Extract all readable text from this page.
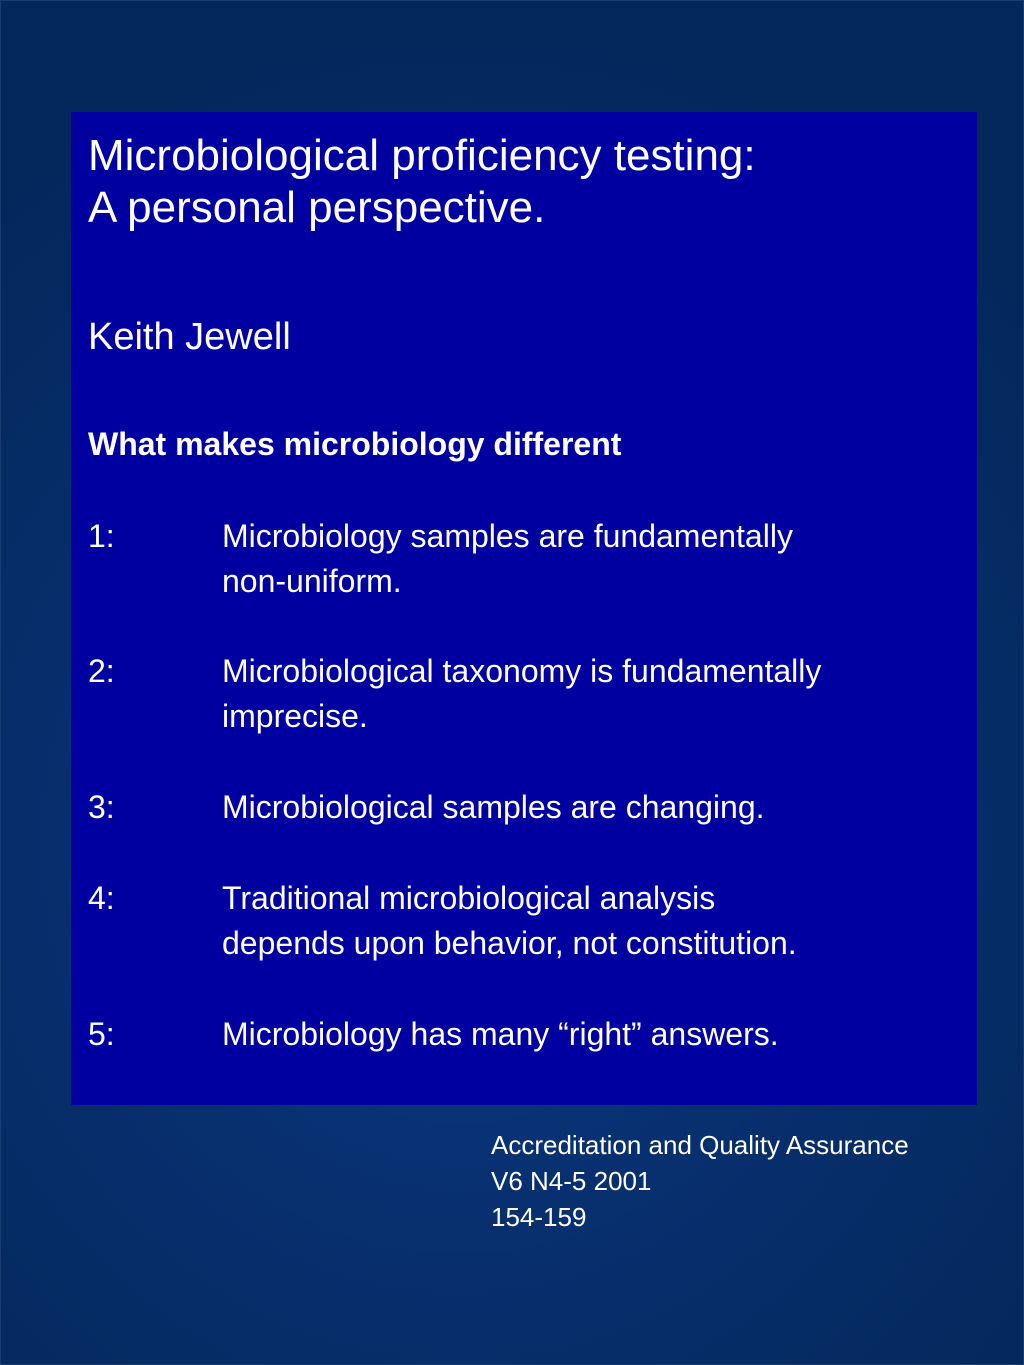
Microbiological proficiency testing:
A personal perspective.
Keith Jewell
What makes microbiology different
1:	Microbiology samples are fundamentally
non-uniform.
2:	Microbiological taxonomy is fundamentally
imprecise.
3:	Microbiological samples are changing.
4:	Traditional microbiological analysis
depends upon behavior, not constitution.
5:	Microbiology has many “right” answers.
Accreditation and Quality Assurance
V6 N4-5 2001
154-159
